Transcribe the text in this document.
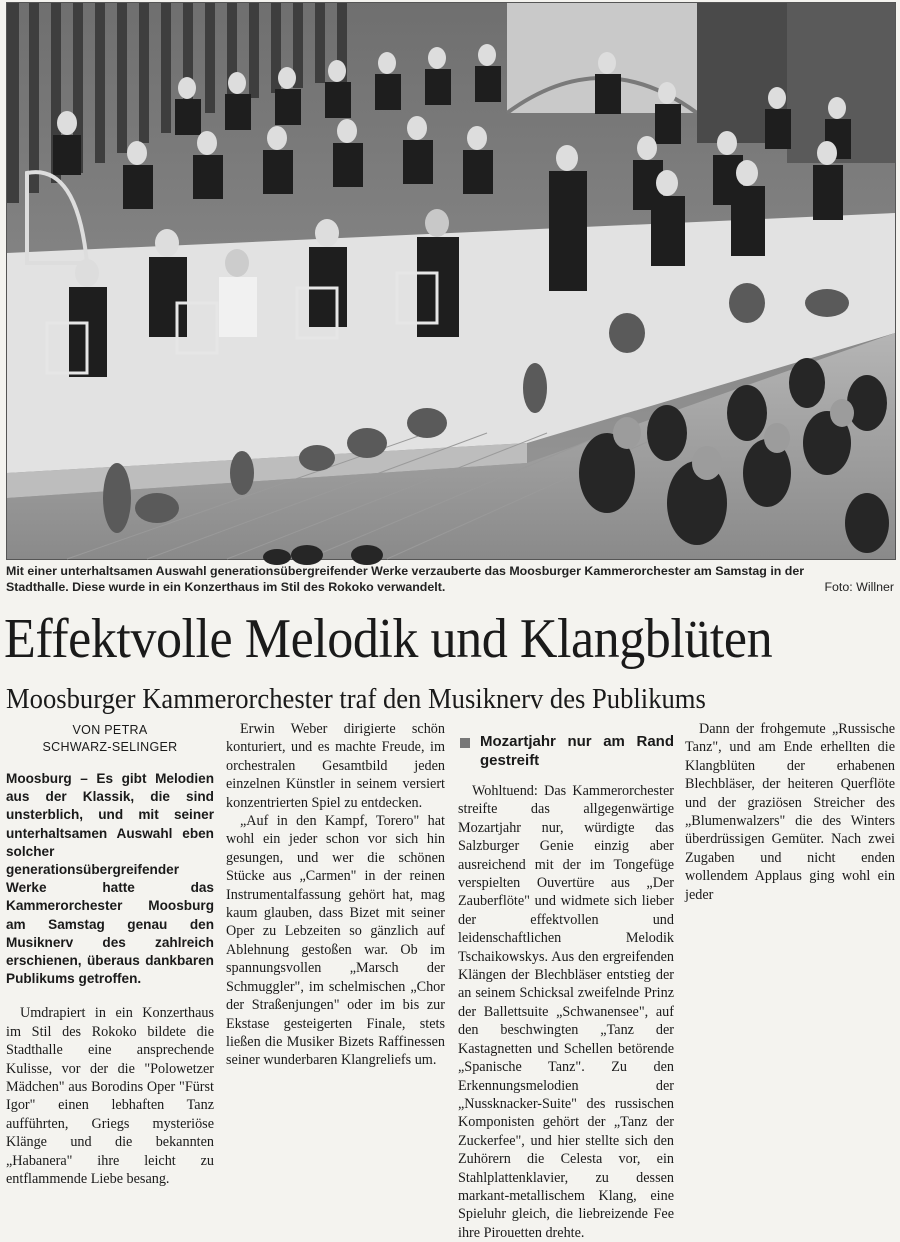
Mit einer unterhaltsamen Auswahl generationsübergreifender Werke verzauberte das Moosburger Kammerorchester am Samstag in der Stadthalle. Diese wurde in ein Konzerthaus im Stil des Rokoko verwandelt.	Foto: Willner
Effektvolle Melodik und Klangblüten
Moosburger Kammerorchester traf den Musiknerv des Publikums
VON PETRA
SCHWARZ-SELINGER

Moosburg – Es gibt Melodien aus der Klassik, die sind unsterblich, und mit seiner unterhaltsamen Auswahl eben solcher generationsübergreifender Werke hatte das Kammerorchester Moosburg am Samstag genau den Musiknerv des zahlreich erschienen, überaus dankbaren Publikums getroffen.

Umdrapiert in ein Konzerthaus im Stil des Rokoko bildete die Stadthalle eine ansprechende Kulisse, vor der die "Polowetzer Mädchen" aus Borodins Oper "Fürst Igor" einen lebhaften Tanz aufführten, Griegs mysteriöse Klänge und die bekannten „Habanera" ihre leicht zu entflammende Liebe besang.

Erwin Weber dirigierte schön konturiert, und es machte Freude, im orchestralen Gesamtbild jeden einzelnen Künstler in seinem versiert konzentrierten Spiel zu entdecken.

„Auf in den Kampf, Torero" hat wohl ein jeder schon vor sich hin gesungen, und wer die schönen Stücke aus „Carmen" in der reinen Instrumentalfassung gehört hat, mag kaum glauben, dass Bizet mit seiner Oper zu Lebzeiten so gänzlich auf Ablehnung gestoßen war. Ob im spannungsvollen „Marsch der Schmuggler", im schelmischen „Chor der Straßenjungen" oder im bis zur Ekstase gesteigerten Finale, stets ließen die Musiker Bizets Raffinessen seiner wunderbaren Klangreliefs um.

Mozartjahr nur am Rand gestreift

Wohltuend: Das Kammerorchester streifte das allgegenwärtige Mozartjahr nur, würdigte das Salzburger Genie einzig aber ausreichend mit der im Tongefüge verspielten Ouvertüre aus „Der Zauberflöte" und widmete sich lieber der effektvollen und leidenschaftlichen Melodik Tschaikowskys. Aus den ergreifenden Klängen der Blechbläser entstieg der an seinem Schicksal zweifelnde Prinz der Ballettsuite „Schwanensee", auf den beschwingten „Tanz der Kastagnetten und Schellen betörende „Spanische Tanz". Zu den Erkennungsmelodien der „Nussknacker-Suite" des russischen Komponisten gehört der „Tanz der Zuckerfee", und hier stellte sich den Zuhörern die Celesta vor, ein Stahlplattenklavier, zu dessen markant-metallischem Klang, eine Spieluhr gleich, die liebreizende Fee ihre Pirouetten drehte.

Dann der frohgemute „Russische Tanz", und am Ende erhellten die Klangblüten der erhabenen Blechbläser, der heiteren Querflöte und der graziösen Streicher des „Blumenwalzers" die des Winters überdrüssigen Gemüter. Nach zwei Zugaben und nicht enden wollendem Applaus ging wohl ein jeder
